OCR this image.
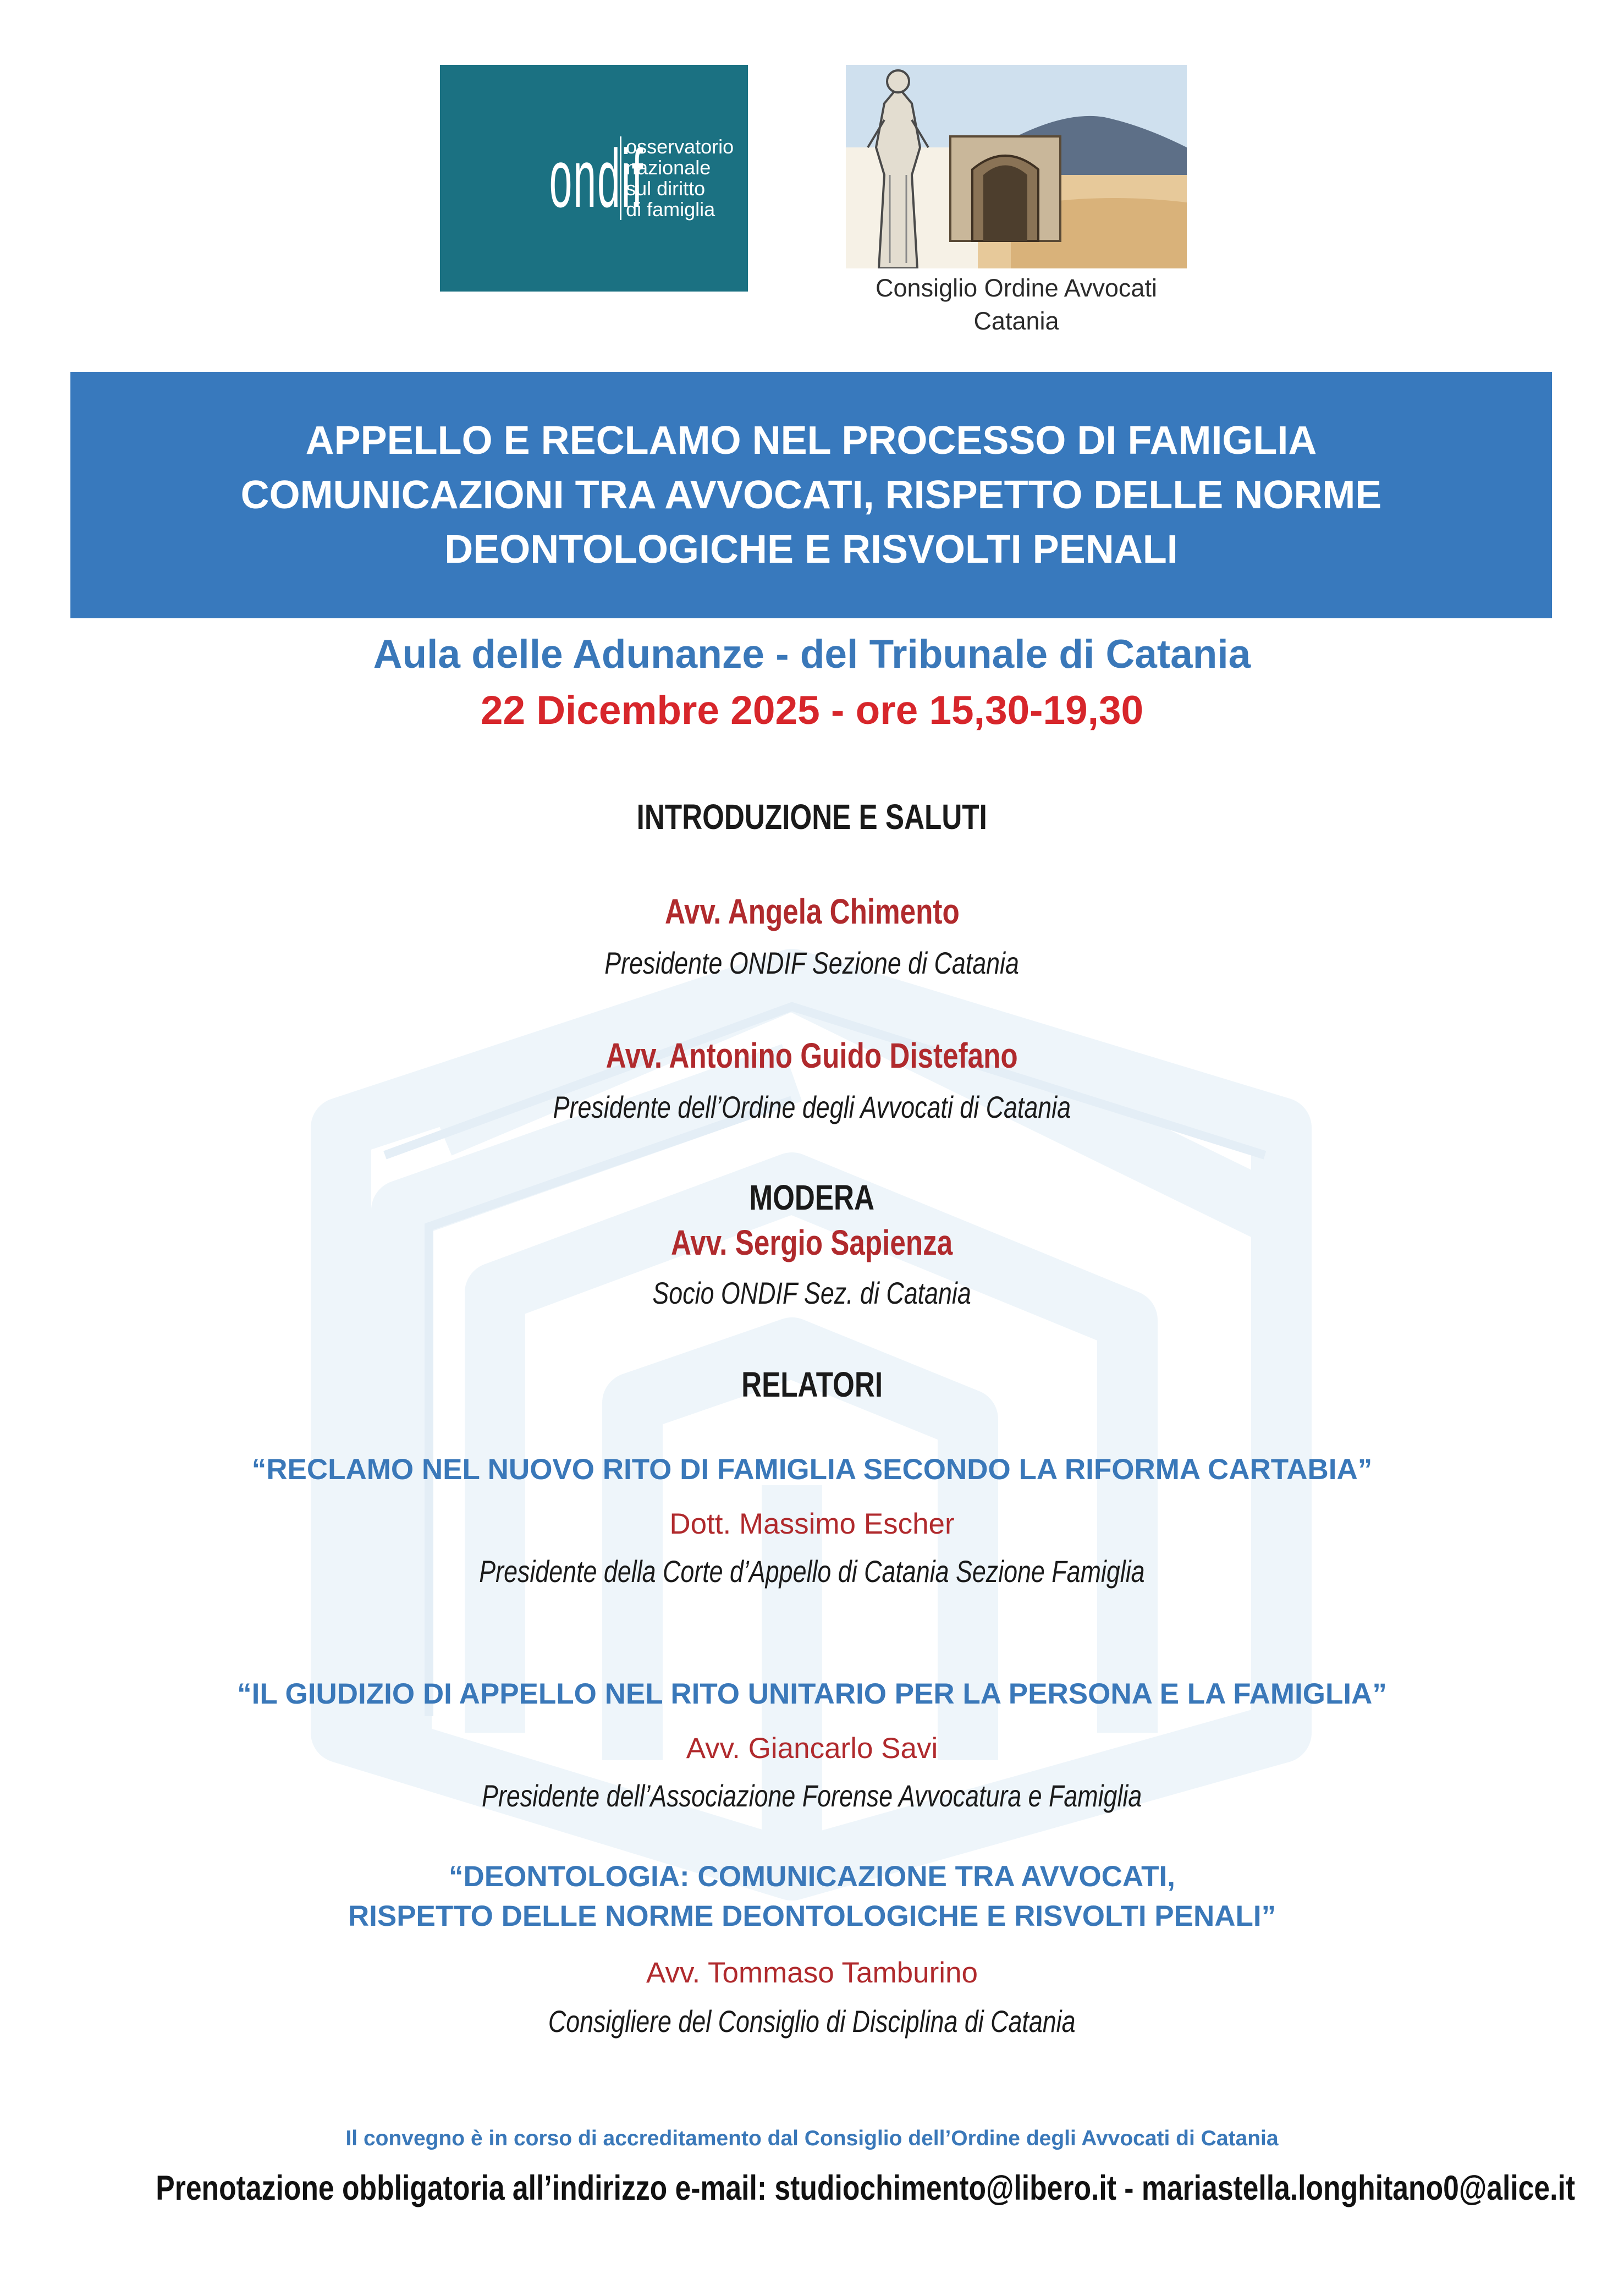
ondif
osservatorio
nazionale
sul diritto
di famiglia
Consiglio Ordine Avvocati
Catania
APPELLO E RECLAMO NEL PROCESSO DI FAMIGLIA
COMUNICAZIONI TRA AVVOCATI, RISPETTO DELLE NORME
DEONTOLOGICHE E RISVOLTI PENALI
Aula delle Adunanze - del Tribunale di Catania
22 Dicembre 2025 - ore 15,30-19,30
INTRODUZIONE E SALUTI
Avv. Angela Chimento
Presidente ONDIF Sezione di Catania
Avv. Antonino Guido Distefano
Presidente dell’Ordine degli Avvocati di Catania
MODERA
Avv. Sergio Sapienza
Socio ONDIF Sez. di Catania
RELATORI
“RECLAMO NEL NUOVO RITO DI FAMIGLIA SECONDO LA RIFORMA CARTABIA”
Dott. Massimo Escher
Presidente della Corte d’Appello di Catania Sezione Famiglia
“IL GIUDIZIO DI APPELLO NEL RITO UNITARIO PER LA PERSONA E LA FAMIGLIA”
Avv. Giancarlo Savi
Presidente dell’Associazione Forense Avvocatura e Famiglia
“DEONTOLOGIA: COMUNICAZIONE TRA AVVOCATI,
RISPETTO DELLE NORME DEONTOLOGICHE E RISVOLTI PENALI”
Avv. Tommaso Tamburino
Consigliere del Consiglio di Disciplina di Catania
Il convegno è in corso di accreditamento dal Consiglio dell’Ordine degli Avvocati di Catania
Prenotazione obbligatoria all’indirizzo e-mail: studiochimento@libero.it - mariastella.longhitano0@alice.it
